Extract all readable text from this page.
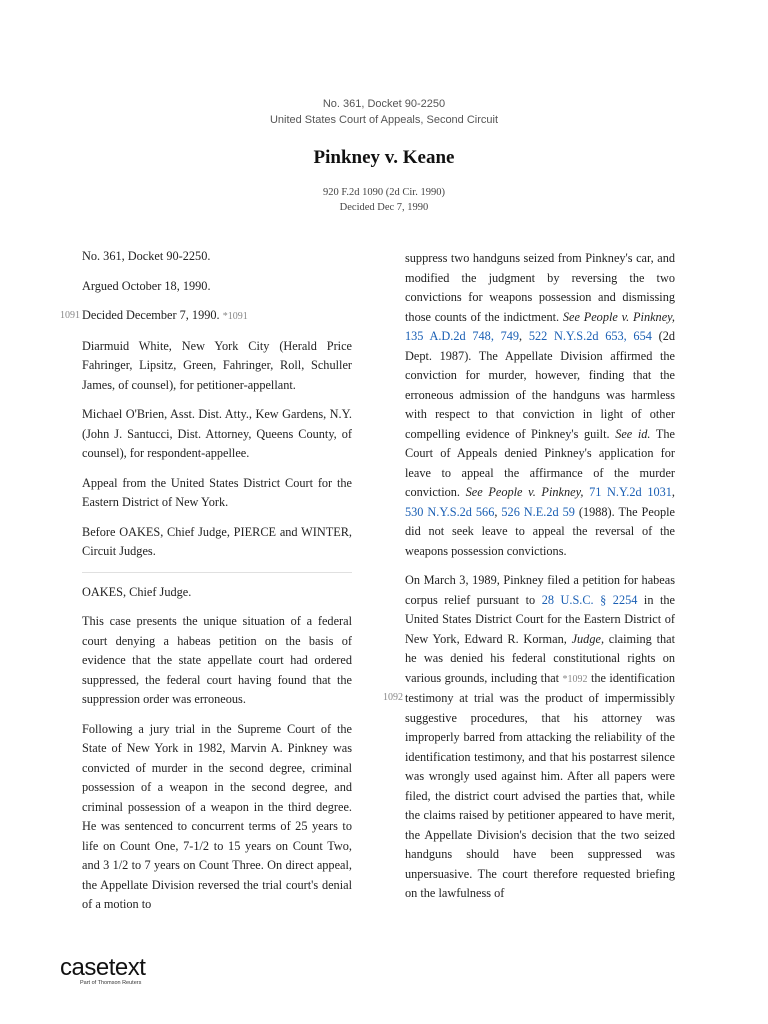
No. 361, Docket 90-2250
United States Court of Appeals, Second Circuit
Pinkney v. Keane
920 F.2d 1090 (2d Cir. 1990)
Decided Dec 7, 1990

No. 361, Docket 90-2250.

Argued October 18, 1990.

1091 Decided December 7, 1990. *1091

Diarmuid White, New York City (Herald Price Fahringer, Lipsitz, Green, Fahringer, Roll, Schuller James, of counsel), for petitioner-appellant.

Michael O'Brien, Asst. Dist. Atty., Kew Gardens, N.Y. (John J. Santucci, Dist. Attorney, Queens County, of counsel), for respondent-appellee.

Appeal from the United States District Court for the Eastern District of New York.

Before OAKES, Chief Judge, PIERCE and WINTER, Circuit Judges.

OAKES, Chief Judge.

This case presents the unique situation of a federal court denying a habeas petition on the basis of evidence that the state appellate court had ordered suppressed, the federal court having found that the suppression order was erroneous.

Following a jury trial in the Supreme Court of the State of New York in 1982, Marvin A. Pinkney was convicted of murder in the second degree, criminal possession of a weapon in the second degree, and criminal possession of a weapon in the third degree. He was sentenced to concurrent terms of 25 years to life on Count One, 7-1/2 to 15 years on Count Two, and 3 1/2 to 7 years on Count Three. On direct appeal, the Appellate Division reversed the trial court's denial of a motion to

suppress two handguns seized from Pinkney's car, and modified the judgment by reversing the two convictions for weapons possession and dismissing those counts of the indictment. See People v. Pinkney, 135 A.D.2d 748, 749, 522 N.Y.S.2d 653, 654 (2d Dept. 1987). The Appellate Division affirmed the conviction for murder, however, finding that the erroneous admission of the handguns was harmless with respect to that conviction in light of other compelling evidence of Pinkney's guilt. See id. The Court of Appeals denied Pinkney's application for leave to appeal the affirmance of the murder conviction. See People v. Pinkney, 71 N.Y.2d 1031, 530 N.Y.S.2d 566, 526 N.E.2d 59 (1988). The People did not seek leave to appeal the reversal of the weapons possession convictions.

On March 3, 1989, Pinkney filed a petition for habeas corpus relief pursuant to 28 U.S.C. § 2254 in the United States District Court for the Eastern District of New York, Edward R. Korman, Judge, claiming that he was denied his federal constitutional rights on various grounds, including that *1092 the identification testimony at trial was the product of impermissibly suggestive procedures, that his attorney was improperly barred from attacking the reliability of the identification testimony, and that his postarrest silence was wrongly used against him. After all papers were filed, the district court advised the parties that, while the claims raised by petitioner appeared to have merit, the Appellate Division's decision that the two seized handguns should have been suppressed was unpersuasive. The court therefore requested briefing on the lawfulness of
1092

casetext
Part of Thomson Reuters
